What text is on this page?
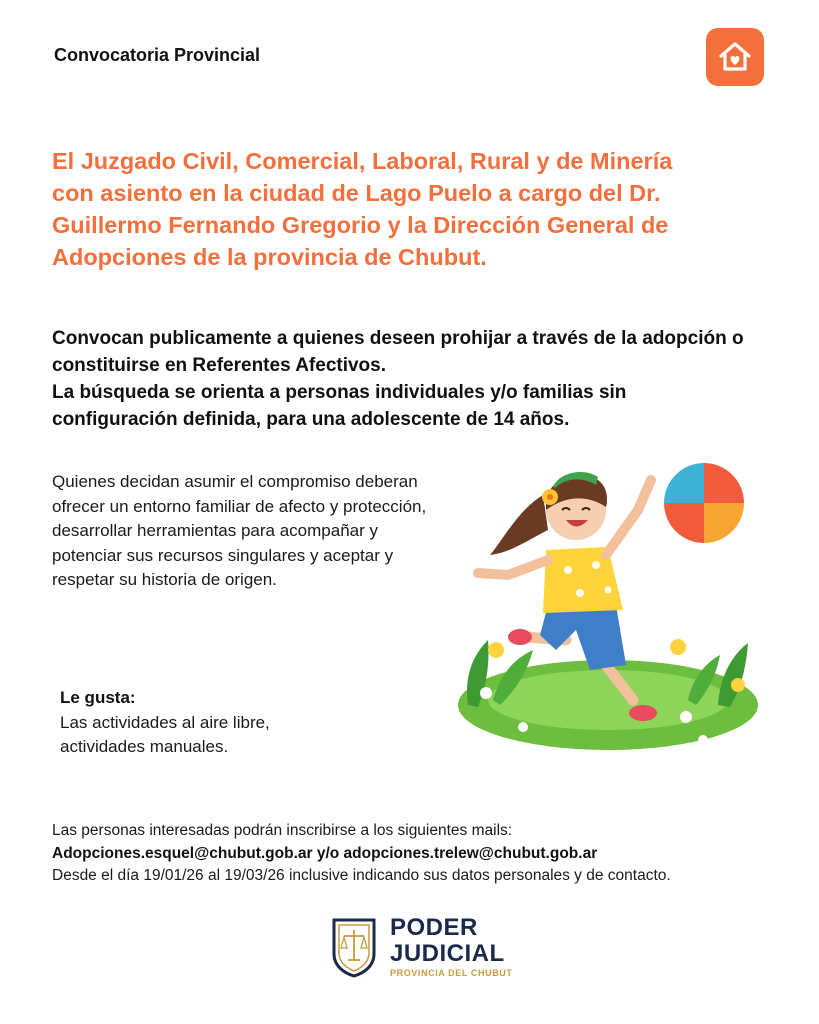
Convocatoria Provincial

El Juzgado Civil, Comercial, Laboral, Rural y de Minería con asiento en la ciudad de Lago Puelo a cargo del Dr. Guillermo Fernando Gregorio y la Dirección General de Adopciones de la provincia de Chubut.

Convocan publicamente a quienes deseen prohijar a través de la adopción o constituirse en Referentes Afectivos.
La búsqueda se orienta a personas individuales y/o familias sin configuración definida, para una adolescente de 14 años.

Quienes decidan asumir el compromiso deberan ofrecer un entorno familiar de afecto y protección, desarrollar herramientas para acompañar y potenciar sus recursos singulares y aceptar y respetar su historia de origen.

Le gusta:
Las actividades al aire libre,
actividades manuales.
Las personas interesadas podrán inscribirse a los siguientes mails:
Adopciones.esquel@chubut.gob.ar y/o adopciones.trelew@chubut.gob.ar
Desde el día 19/01/26 al 19/03/26 inclusive indicando sus datos personales y de contacto.
PODER
JUDICIAL
PROVINCIA DEL CHUBUT
